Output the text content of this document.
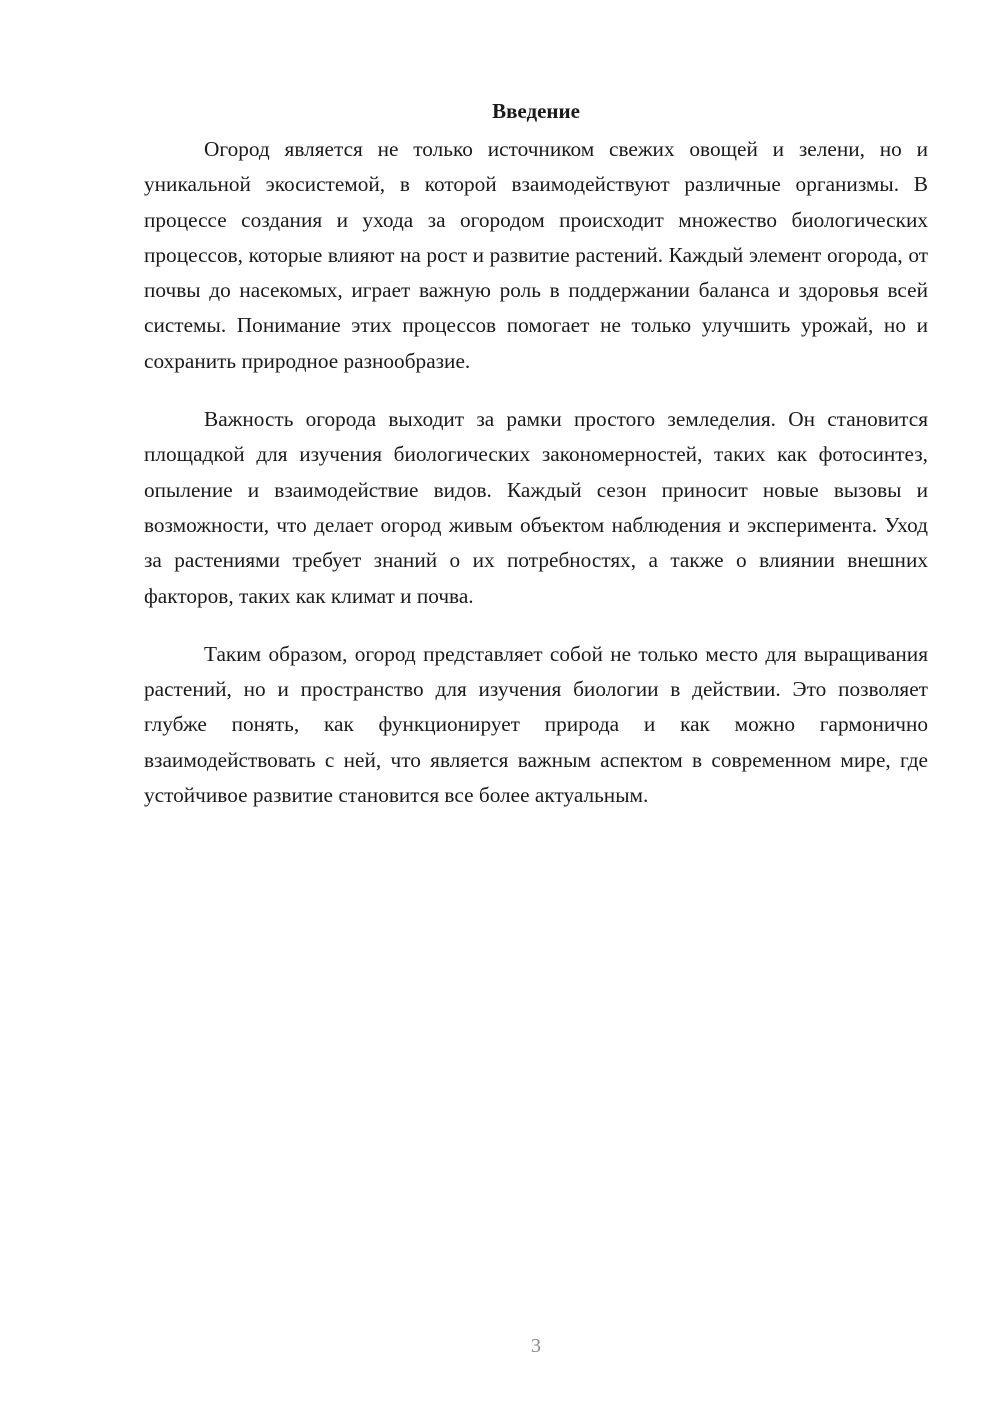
Введение

Огород является не только источником свежих овощей и зелени, но и уникальной экосистемой, в которой взаимодействуют различные организмы. В процессе создания и ухода за огородом происходит множество биологических процессов, которые влияют на рост и развитие растений. Каждый элемент огорода, от почвы до насекомых, играет важную роль в поддержании баланса и здоровья всей системы. Понимание этих процессов помогает не только улучшить урожай, но и сохранить природное разнообразие.

Важность огорода выходит за рамки простого земледелия. Он становится площадкой для изучения биологических закономерностей, таких как фотосинтез, опыление и взаимодействие видов. Каждый сезон приносит новые вызовы и возможности, что делает огород живым объектом наблюдения и эксперимента. Уход за растениями требует знаний о их потребностях, а также о влиянии внешних факторов, таких как климат и почва.

Таким образом, огород представляет собой не только место для выращивания растений, но и пространство для изучения биологии в действии. Это позволяет глубже понять, как функционирует природа и как можно гармонично взаимодействовать с ней, что является важным аспектом в современном мире, где устойчивое развитие становится все более актуальным.

3
